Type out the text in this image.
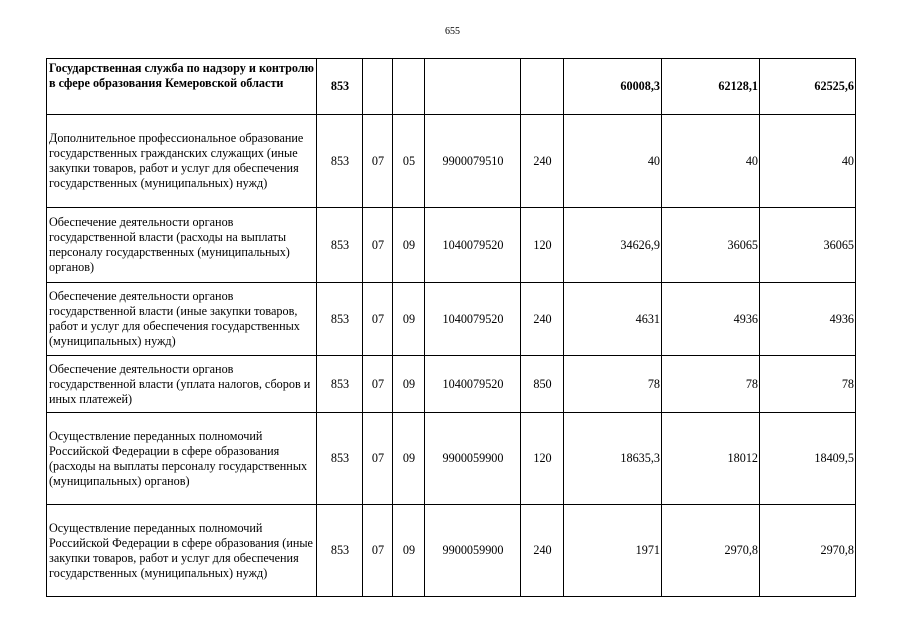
655
Государственная служба по надзору и контролю в сфере образования Кемеровской области	853					60008,3	62128,1	62525,6
Дополнительное профессиональное образование государственных гражданских служащих (иные закупки товаров, работ и услуг для обеспечения государственных (муниципальных) нужд)	853	07	05	9900079510	240	40	40	40
Обеспечение деятельности органов государственной власти (расходы на выплаты персоналу государственных (муниципальных) органов)	853	07	09	1040079520	120	34626,9	36065	36065
Обеспечение деятельности органов государственной власти (иные закупки товаров, работ и услуг для обеспечения государственных (муниципальных) нужд)	853	07	09	1040079520	240	4631	4936	4936
Обеспечение деятельности органов государственной власти (уплата налогов, сборов и иных платежей)	853	07	09	1040079520	850	78	78	78
Осуществление переданных полномочий Российской Федерации в сфере образования (расходы на выплаты персоналу государственных (муниципальных) органов)	853	07	09	9900059900	120	18635,3	18012	18409,5
Осуществление переданных полномочий Российской Федерации в сфере образования (иные закупки товаров, работ и услуг для обеспечения государственных (муниципальных) нужд)	853	07	09	9900059900	240	1971	2970,8	2970,8
